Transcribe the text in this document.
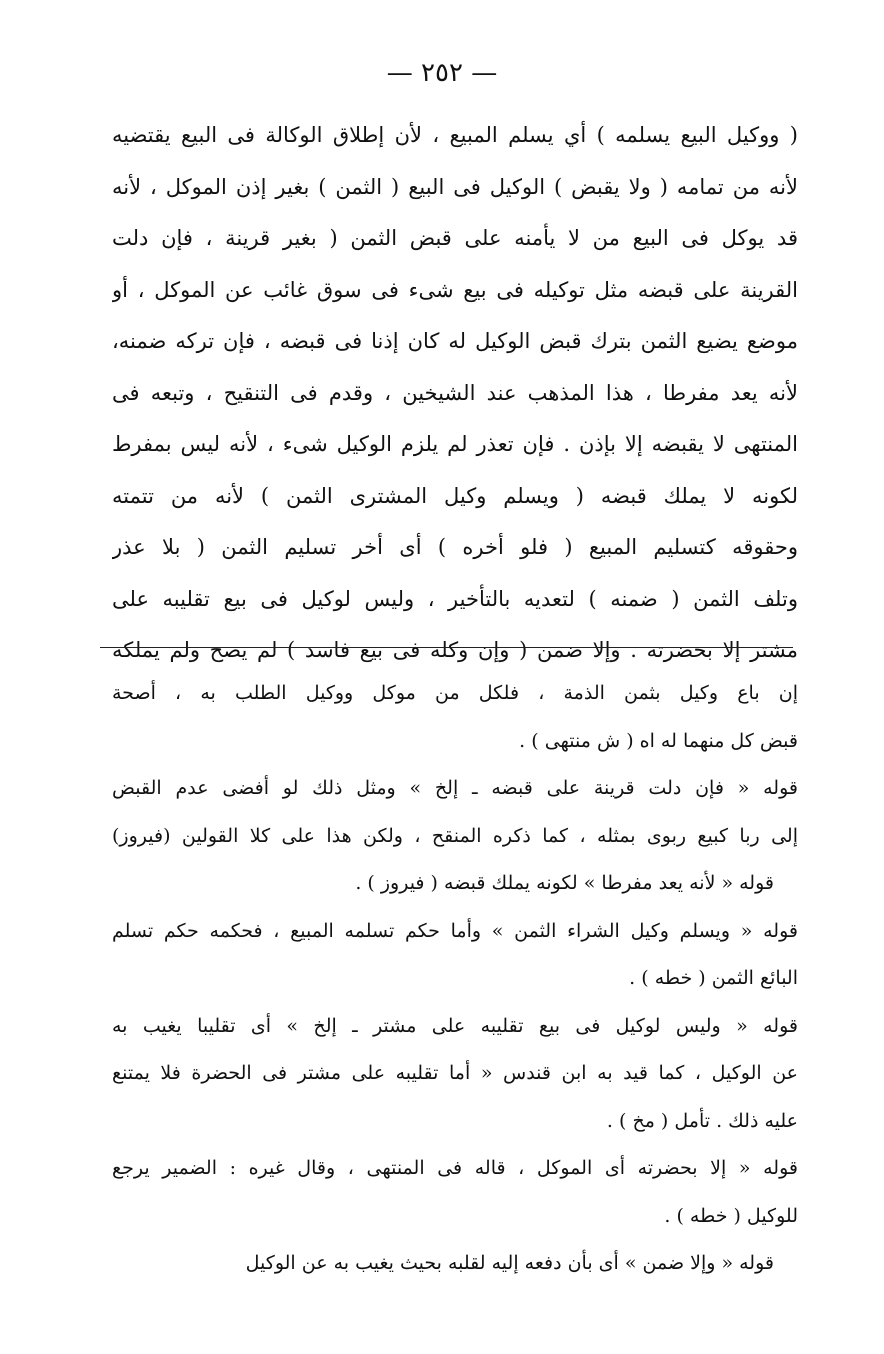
— ٢٥٢ —
( ووكيل البيع يسلمه ) أي يسلم المبيع ، لأن إطلاق الوكالة فى البيع يقتضيه
لأنه من تمامه ( ولا يقبض ) الوكيل فى البيع ( الثمن ) بغير إذن الموكل ، لأنه
قد يوكل فى البيع من لا يأمنه على قبض الثمن ( بغير قرينة ، فإن دلت
القرينة على قبضه مثل توكيله فى بيع شىء فى سوق غائب عن الموكل ، أو
موضع يضيع الثمن بترك قبض الوكيل له كان إذنا فى قبضه ، فإن تركه ضمنه،
لأنه يعد مفرطا ، هذا المذهب عند الشيخين ، وقدم فى التنقيح ، وتبعه فى
المنتهى لا يقبضه إلا بإذن . فإن تعذر لم يلزم الوكيل شىء ، لأنه ليس بمفرط
لكونه لا يملك قبضه ( ويسلم وكيل المشترى الثمن ) لأنه من تتمته
وحقوقه كتسليم المبيع ( فلو أخره ) أى أخر تسليم الثمن ( بلا عذر
وتلف الثمن ( ضمنه ) لتعديه بالتأخير ، وليس لوكيل فى بيع تقليبه على
مشتر إلا بحضرته . وإلا ضمن ( وإن وكله فى بيع فاسد ) لم يصح ولم يملكه
إن باع وكيل بثمن الذمة ، فلكل من موكل ووكيل الطلب به ، أصحة
قبض كل منهما له اه ( ش منتهى ) .
قوله « فإن دلت قرينة على قبضه ـ إلخ » ومثل ذلك لو أفضى عدم القبض
إلى ربا كبيع ربوى بمثله ، كما ذكره المنقح ، ولكن هذا على كلا القولين (فيروز)
قوله « لأنه يعد مفرطا » لكونه يملك قبضه ( فيروز ) .
قوله « ويسلم وكيل الشراء الثمن » وأما حكم تسلمه المبيع ، فحكمه حكم تسلم
البائع الثمن ( خطه ) .
قوله « وليس لوكيل فى بيع تقليبه على مشتر ـ إلخ » أى تقليبا يغيب به
عن الوكيل ، كما قيد به ابن قندس « أما تقليبه على مشتر فى الحضرة فلا يمتنع
عليه ذلك . تأمل ( مخ ) .
قوله « إلا بحضرته أى الموكل ، قاله فى المنتهى ، وقال غيره : الضمير يرجع
للوكيل ( خطه ) .
قوله « وإلا ضمن » أى بأن دفعه إليه لقلبه بحيث يغيب به عن الوكيل
